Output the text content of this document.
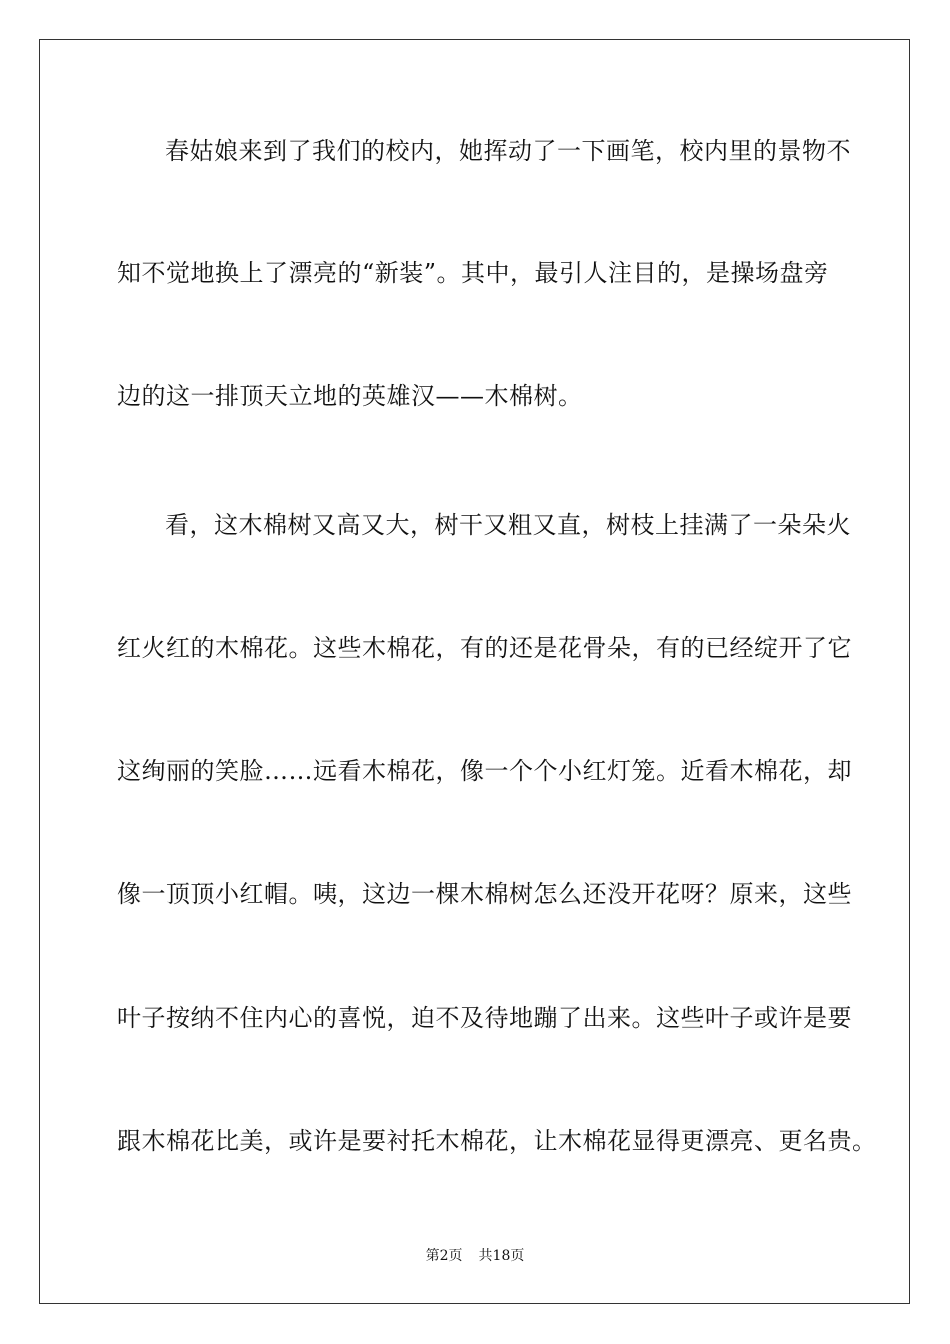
春姑娘来到了我们的校内，她挥动了一下画笔，校内里的景物不
知不觉地换上了漂亮的“新装”。其中，最引人注目的，是操场盘旁
边的这一排顶天立地的英雄汉——木棉树。
看，这木棉树又高又大，树干又粗又直，树枝上挂满了一朵朵火
红火红的木棉花。这些木棉花，有的还是花骨朵，有的已经绽开了它
这绚丽的笑脸……远看木棉花，像一个个小红灯笼。近看木棉花，却
像一顶顶小红帽。咦，这边一棵木棉树怎么还没开花呀？原来，这些
叶子按纳不住内心的喜悦，迫不及待地蹦了出来。这些叶子或许是要
跟木棉花比美，或许是要衬托木棉花，让木棉花显得更漂亮、更名贵。
第2页 共18页
